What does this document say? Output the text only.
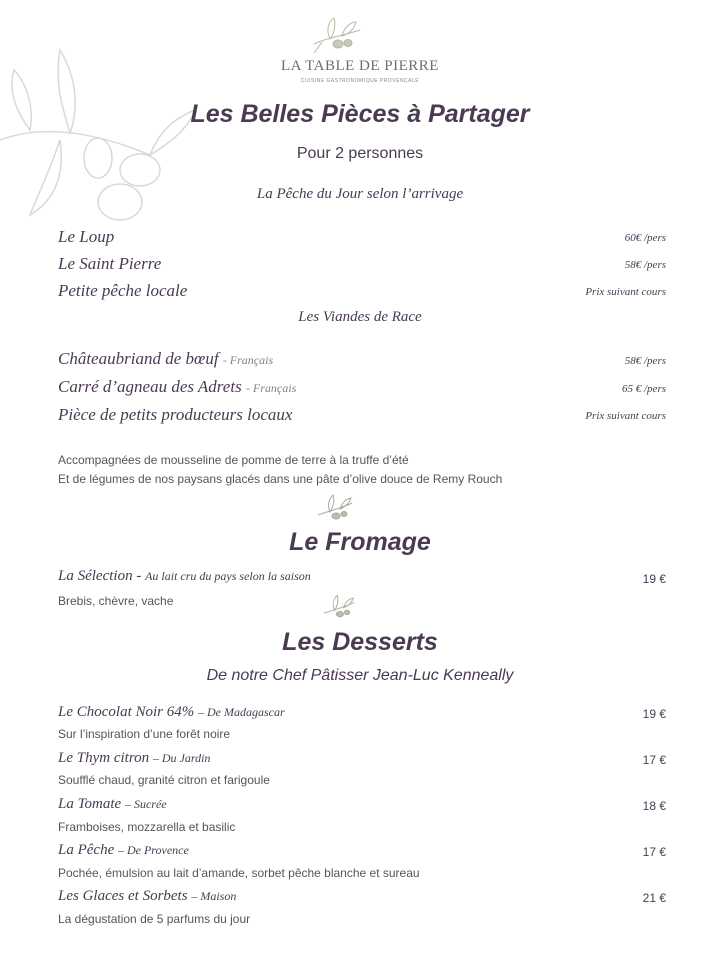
LA TABLE DE PIERRE
CUISINE GASTRONOMIQUE PROVENÇALE
Les Belles Pièces à Partager
Pour 2 personnes
La Pêche du Jour selon l’arrivage
Le Loup	60€ /pers
Le Saint Pierre	58€ /pers
Petite pêche locale	Prix suivant cours
Les Viandes de Race
Châteaubriand de bœuf - Français	58€ /pers
Carré d’agneau des Adrets - Français	65 € /pers
Pièce de petits producteurs locaux	Prix suivant cours
Accompagnées de mousseline de pomme de terre à la truffe d’été
Et de légumes de nos paysans glacés dans une pâte d’olive douce de Remy Rouch
Le Fromage
La Sélection - Au lait cru du pays selon la saison	19 €
Brebis, chèvre, vache
Les Desserts
De notre Chef Pâtisser Jean-Luc Kenneally
Le Chocolat Noir 64% – De Madagascar	19 €
Sur l’inspiration d’une forêt noire
Le Thym citron – Du Jardin	17 €
Soufflé chaud, granité citron et farigoule
La Tomate – Sucrée	18 €
Framboises, mozzarella et basilic
La Pêche – De Provence	17 €
Pochée, émulsion au lait d’amande, sorbet pêche blanche et sureau
Les Glaces et Sorbets – Maison	21 €
La dégustation de 5 parfums du jour
